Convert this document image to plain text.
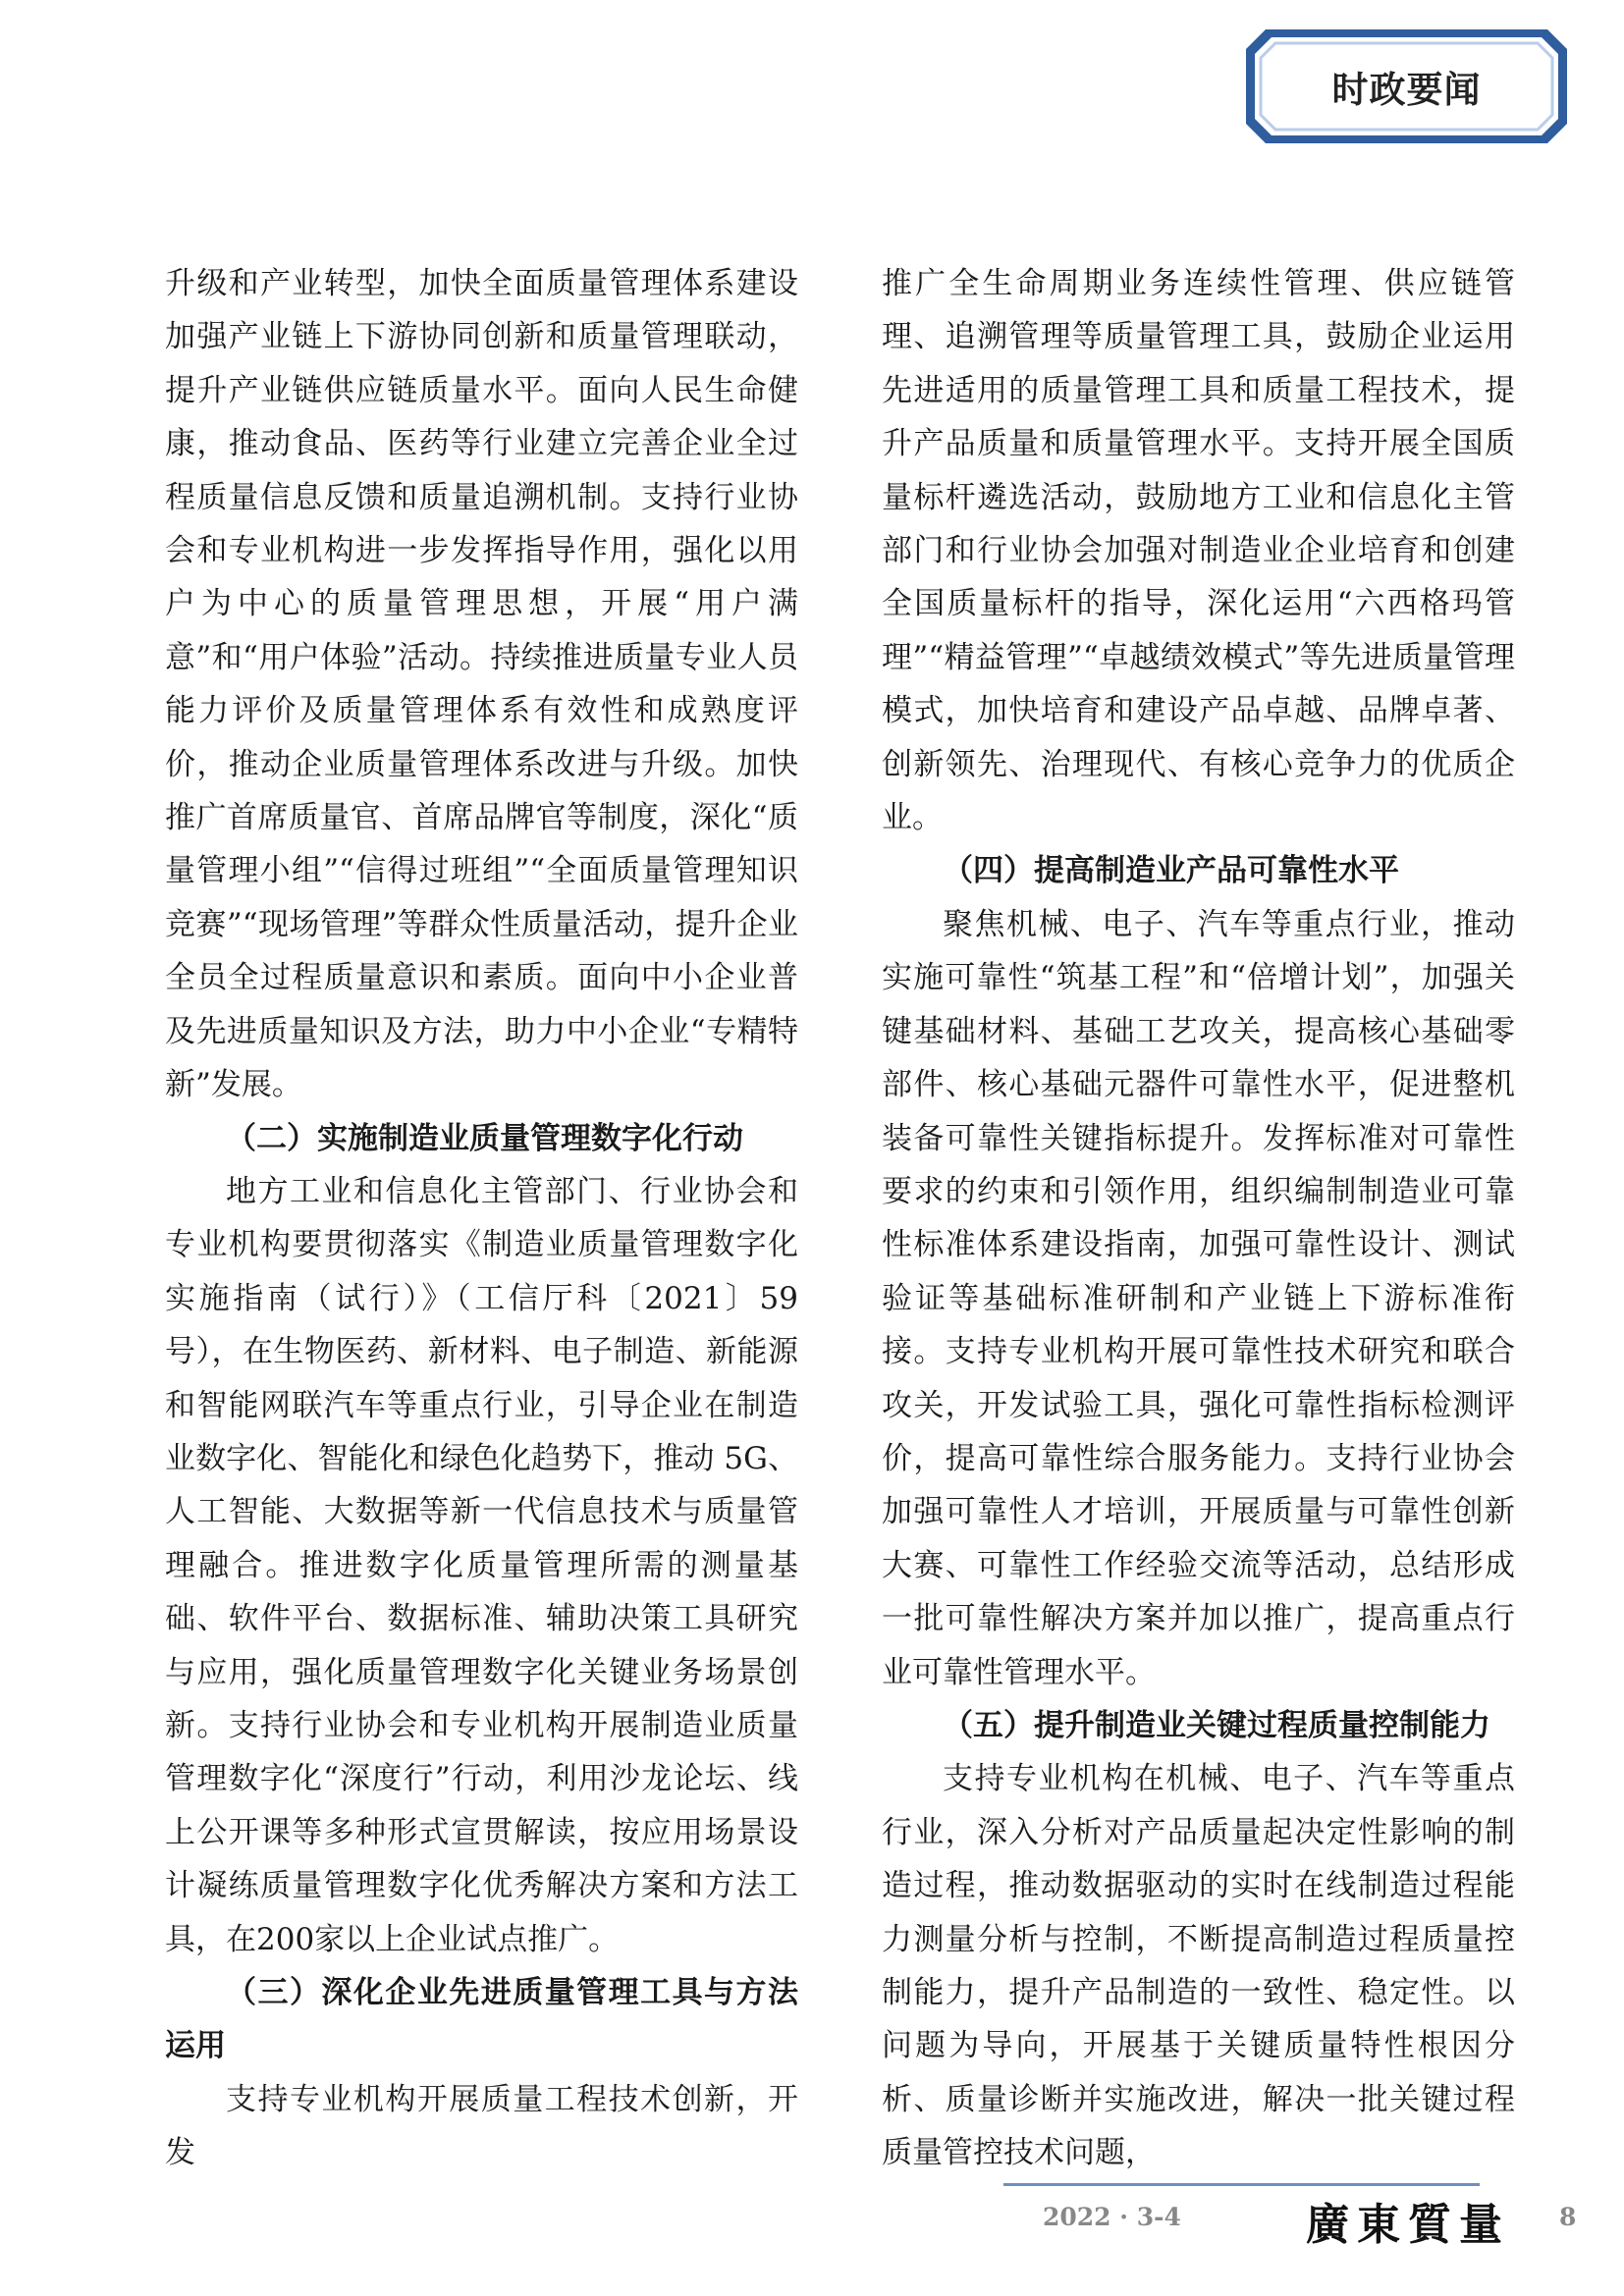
时政要闻

升级和产业转型，加快全面质量管理体系建设加强产业链上下游协同创新和质量管理联动，提升产业链供应链质量水平。面向人民生命健康，推动食品、医药等行业建立完善企业全过程质量信息反馈和质量追溯机制。支持行业协会和专业机构进一步发挥指导作用，强化以用户为中心的质量管理思想，开展“用户满意”和“用户体验”活动。持续推进质量专业人员能力评价及质量管理体系有效性和成熟度评价，推动企业质量管理体系改进与升级。加快推广首席质量官、首席品牌官等制度，深化“质量管理小组”“信得过班组”“全面质量管理知识竞赛”“现场管理”等群众性质量活动，提升企业全员全过程质量意识和素质。面向中小企业普及先进质量知识及方法，助力中小企业“专精特新”发展。

（二）实施制造业质量管理数字化行动

地方工业和信息化主管部门、行业协会和专业机构要贯彻落实《制造业质量管理数字化实施指南（试行）》（工信厅科〔2021〕59 号），在生物医药、新材料、电子制造、新能源和智能网联汽车等重点行业，引导企业在制造业数字化、智能化和绿色化趋势下，推动 5G、人工智能、大数据等新一代信息技术与质量管理融合。推进数字化质量管理所需的测量基础、软件平台、数据标准、辅助决策工具研究与应用，强化质量管理数字化关键业务场景创新。支持行业协会和专业机构开展制造业质量管理数字化“深度行”行动，利用沙龙论坛、线上公开课等多种形式宣贯解读，按应用场景设计凝练质量管理数字化优秀解决方案和方法工具，在200家以上企业试点推广。

（三）深化企业先进质量管理工具与方法运用

支持专业机构开展质量工程技术创新，开发

推广全生命周期业务连续性管理、供应链管理、追溯管理等质量管理工具，鼓励企业运用先进适用的质量管理工具和质量工程技术，提升产品质量和质量管理水平。支持开展全国质量标杆遴选活动，鼓励地方工业和信息化主管部门和行业协会加强对制造业企业培育和创建全国质量标杆的指导，深化运用“六西格玛管理”“精益管理”“卓越绩效模式”等先进质量管理模式，加快培育和建设产品卓越、品牌卓著、创新领先、治理现代、有核心竞争力的优质企业。

（四）提高制造业产品可靠性水平

聚焦机械、电子、汽车等重点行业，推动实施可靠性“筑基工程”和“倍增计划”，加强关键基础材料、基础工艺攻关，提高核心基础零部件、核心基础元器件可靠性水平，促进整机装备可靠性关键指标提升。发挥标准对可靠性要求的约束和引领作用，组织编制制造业可靠性标准体系建设指南，加强可靠性设计、测试验证等基础标准研制和产业链上下游标准衔接。支持专业机构开展可靠性技术研究和联合攻关，开发试验工具，强化可靠性指标检测评价，提高可靠性综合服务能力。支持行业协会加强可靠性人才培训，开展质量与可靠性创新大赛、可靠性工作经验交流等活动，总结形成一批可靠性解决方案并加以推广，提高重点行业可靠性管理水平。

（五）提升制造业关键过程质量控制能力

支持专业机构在机械、电子、汽车等重点行业，深入分析对产品质量起决定性影响的制造过程，推动数据驱动的实时在线制造过程能力测量分析与控制，不断提高制造过程质量控制能力，提升产品制造的一致性、稳定性。以问题为导向，开展基于关键质量特性根因分析、质量诊断并实施改进，解决一批关键过程质量管控技术问题，

2022 · 3-4	廣東質量 8
